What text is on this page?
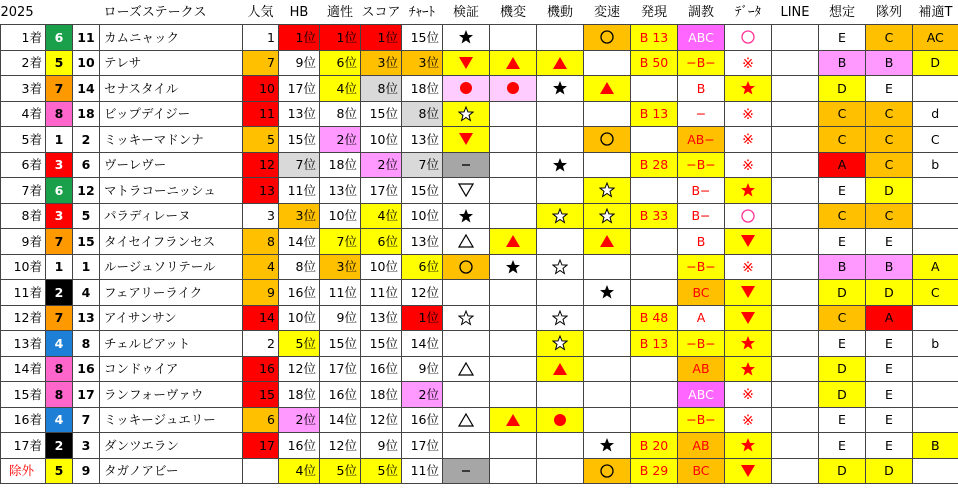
2025			ローズステークス	人気	HB	適性	スコア	ﾁｬｰﾄ	検証	機変	機動	変速	発現	調教	ﾃﾞｰﾀ	LINE	想定	隊列	補適T
1着	6	11	カムニャック	1	1位	1位	1位	15位					B 13	ABC			E	C	AC
2着	5	10	テレサ	7	9位	6位	3位	3位					B 50	−B−	※		B	B	D
3着	7	14	セナスタイル	10	17位	4位	8位	18位						B			D	E	
4着	8	18	ビップデイジー	11	13位	8位	15位	8位					B 13	−	※		C	C	d
5着	1	2	ミッキーマドンナ	5	15位	2位	10位	13位						AB−	※		C	C	C
6着	3	6	ヴーレヴー	12	7位	18位	2位	7位					B 28	−B−	※		A	C	b
7着	6	12	マトラコーニッシュ	13	11位	13位	17位	15位						B−			E	D	
8着	3	5	パラディレーヌ	3	3位	10位	4位	10位					B 33	B−			C	C	
9着	7	15	タイセイフランセス	8	14位	7位	6位	13位						B			E	E	
10着	1	1	ルージュソリテール	4	8位	3位	10位	6位						−B−	※		B	B	A
11着	2	4	フェアリーライク	9	16位	11位	11位	12位						BC			D	D	C
12着	7	13	アイサンサン	14	10位	9位	13位	1位					B 48	A			C	A	
13着	4	8	チェルビアット	2	5位	15位	15位	14位					B 13	−B−			E	E	b
14着	8	16	コンドゥイア	16	12位	17位	16位	9位						AB			D	E	
15着	8	17	ランフォーヴァウ	15	18位	16位	18位	2位						ABC	※		D	E	
16着	4	7	ミッキージュエリー	6	2位	14位	12位	16位						−B−	※		E	E	
17着	2	3	ダンツエラン	17	16位	12位	9位	17位					B 20	AB			E	E	B
除外	5	9	タガノアビー		4位	5位	5位	11位					B 29	BC			D	D	
